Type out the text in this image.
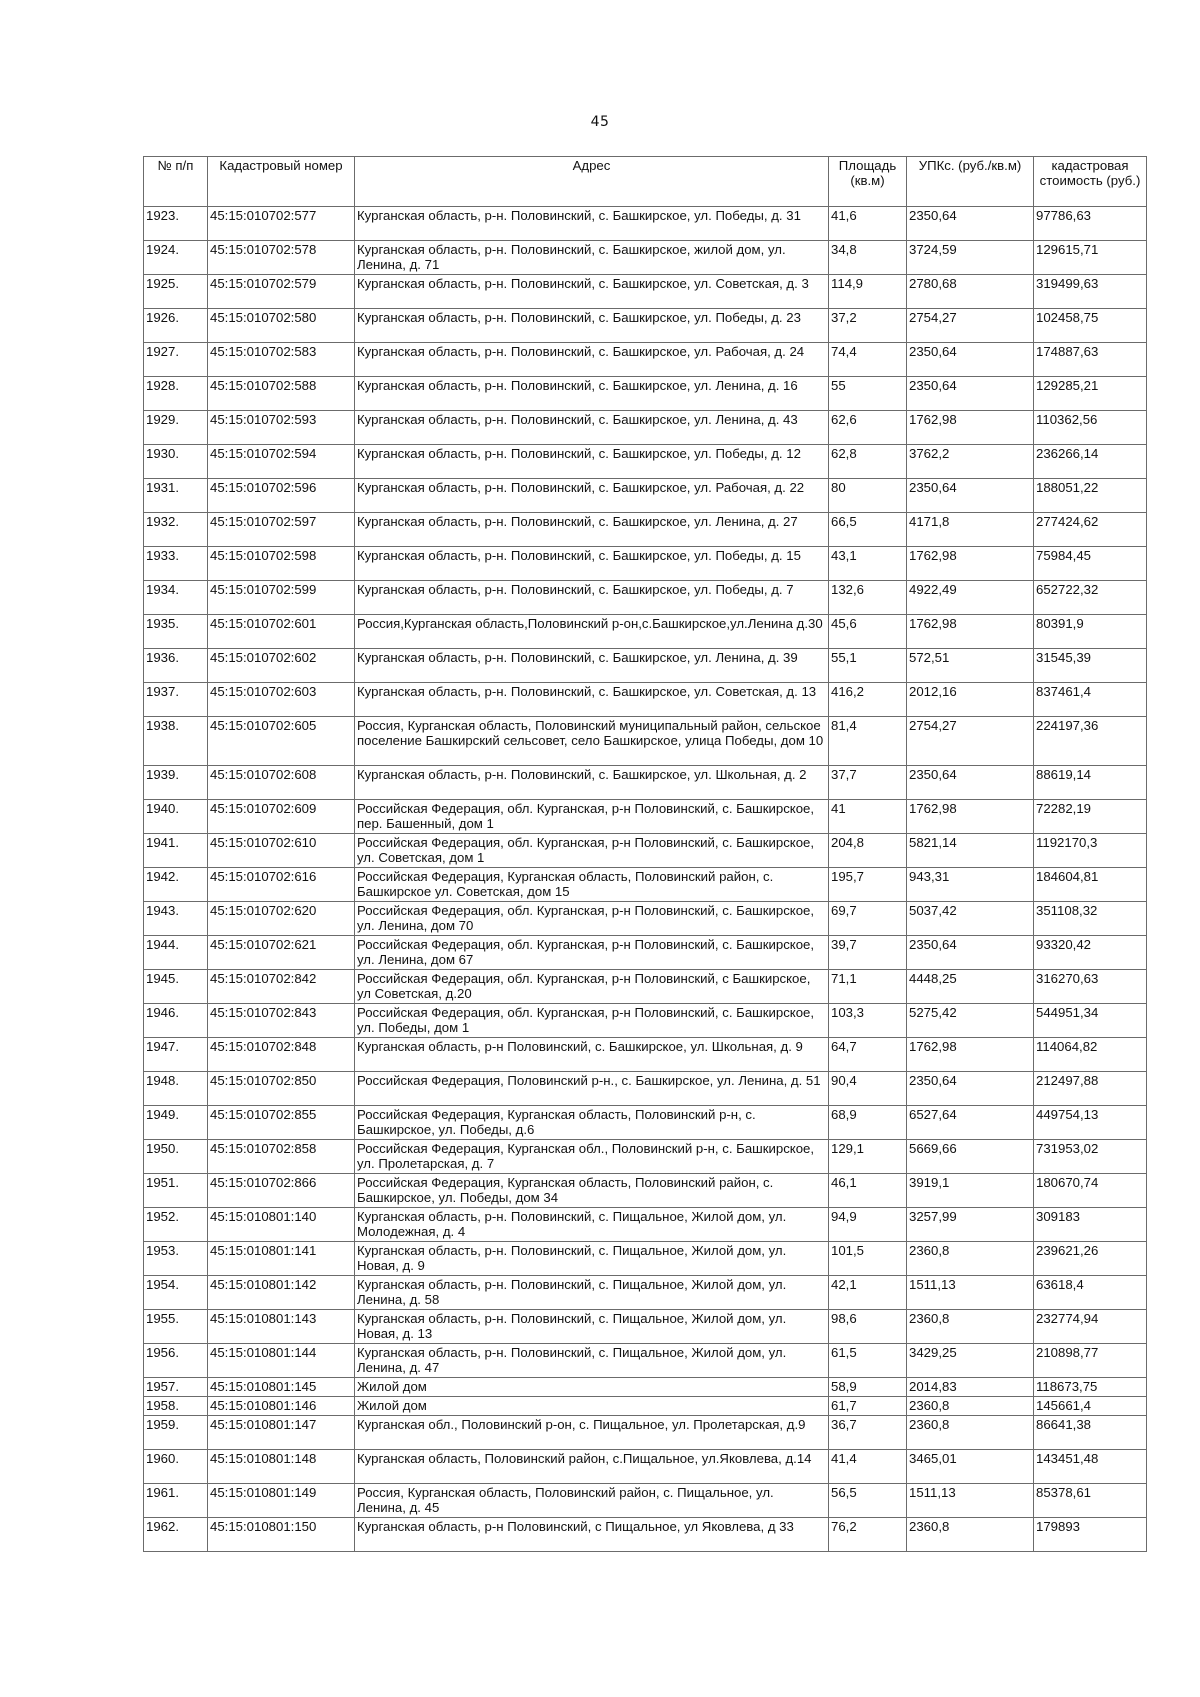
45
№ п/п	Кадастровый номер	Адрес	Площадь (кв.м)	УПКс. (руб./кв.м)	кадастровая стоимость (руб.)
1923.	45:15:010702:577	Курганская область, р-н. Половинский, с. Башкирское, ул. Победы, д. 31	41,6	2350,64	97786,63
1924.	45:15:010702:578	Курганская область, р-н. Половинский, с. Башкирское, жилой дом, ул. Ленина, д. 71	34,8	3724,59	129615,71
1925.	45:15:010702:579	Курганская область, р-н. Половинский, с. Башкирское, ул. Советская, д. 3	114,9	2780,68	319499,63
1926.	45:15:010702:580	Курганская область, р-н. Половинский, с. Башкирское, ул. Победы, д. 23	37,2	2754,27	102458,75
1927.	45:15:010702:583	Курганская область, р-н. Половинский, с. Башкирское, ул. Рабочая, д. 24	74,4	2350,64	174887,63
1928.	45:15:010702:588	Курганская область, р-н. Половинский, с. Башкирское, ул. Ленина, д. 16	55	2350,64	129285,21
1929.	45:15:010702:593	Курганская область, р-н. Половинский, с. Башкирское, ул. Ленина, д. 43	62,6	1762,98	110362,56
1930.	45:15:010702:594	Курганская область, р-н. Половинский, с. Башкирское, ул. Победы, д. 12	62,8	3762,2	236266,14
1931.	45:15:010702:596	Курганская область, р-н. Половинский, с. Башкирское, ул. Рабочая, д. 22	80	2350,64	188051,22
1932.	45:15:010702:597	Курганская область, р-н. Половинский, с. Башкирское, ул. Ленина, д. 27	66,5	4171,8	277424,62
1933.	45:15:010702:598	Курганская область, р-н. Половинский, с. Башкирское, ул. Победы, д. 15	43,1	1762,98	75984,45
1934.	45:15:010702:599	Курганская область, р-н. Половинский, с. Башкирское, ул. Победы, д. 7	132,6	4922,49	652722,32
1935.	45:15:010702:601	Россия,Курганская область,Половинский р-он,с.Башкирское,ул.Ленина д.30	45,6	1762,98	80391,9
1936.	45:15:010702:602	Курганская область, р-н. Половинский, с. Башкирское, ул. Ленина, д. 39	55,1	572,51	31545,39
1937.	45:15:010702:603	Курганская область, р-н. Половинский, с. Башкирское, ул. Советская, д. 13	416,2	2012,16	837461,4
1938.	45:15:010702:605	Россия, Курганская область, Половинский муниципальный район, сельское поселение Башкирский сельсовет, село Башкирское, улица Победы, дом 10	81,4	2754,27	224197,36
1939.	45:15:010702:608	Курганская область, р-н. Половинский, с. Башкирское, ул. Школьная, д. 2	37,7	2350,64	88619,14
1940.	45:15:010702:609	Российская Федерация, обл. Курганская, р-н Половинский, с. Башкирское, пер. Башенный, дом 1	41	1762,98	72282,19
1941.	45:15:010702:610	Российская Федерация, обл. Курганская, р-н Половинский, с. Башкирское, ул. Советская, дом 1	204,8	5821,14	1192170,3
1942.	45:15:010702:616	Российская Федерация, Курганская область, Половинский район, с. Башкирское ул. Советская, дом 15	195,7	943,31	184604,81
1943.	45:15:010702:620	Российская Федерация, обл. Курганская, р-н Половинский, с. Башкирское, ул. Ленина, дом 70	69,7	5037,42	351108,32
1944.	45:15:010702:621	Российская Федерация, обл. Курганская, р-н Половинский, с. Башкирское, ул. Ленина, дом 67	39,7	2350,64	93320,42
1945.	45:15:010702:842	Российская Федерация, обл. Курганская, р-н Половинский, с Башкирское, ул Советская, д.20	71,1	4448,25	316270,63
1946.	45:15:010702:843	Российская Федерация, обл. Курганская, р-н Половинский, с. Башкирское, ул. Победы, дом 1	103,3	5275,42	544951,34
1947.	45:15:010702:848	Курганская область, р-н Половинский, с. Башкирское, ул. Школьная, д. 9	64,7	1762,98	114064,82
1948.	45:15:010702:850	Российская Федерация, Половинский р-н., с. Башкирское, ул. Ленина, д. 51	90,4	2350,64	212497,88
1949.	45:15:010702:855	Российская Федерация, Курганская область, Половинский р-н, с. Башкирское, ул. Победы, д.6	68,9	6527,64	449754,13
1950.	45:15:010702:858	Российская Федерация, Курганская обл., Половинский р-н, с. Башкирское, ул. Пролетарская, д. 7	129,1	5669,66	731953,02
1951.	45:15:010702:866	Российская Федерация, Курганская область, Половинский район, с. Башкирское, ул. Победы, дом 34	46,1	3919,1	180670,74
1952.	45:15:010801:140	Курганская область, р-н. Половинский, с. Пищальное, Жилой дом, ул. Молодежная, д. 4	94,9	3257,99	309183
1953.	45:15:010801:141	Курганская область, р-н. Половинский, с. Пищальное, Жилой дом, ул. Новая, д. 9	101,5	2360,8	239621,26
1954.	45:15:010801:142	Курганская область, р-н. Половинский, с. Пищальное, Жилой дом, ул. Ленина, д. 58	42,1	1511,13	63618,4
1955.	45:15:010801:143	Курганская область, р-н. Половинский, с. Пищальное, Жилой дом, ул. Новая, д. 13	98,6	2360,8	232774,94
1956.	45:15:010801:144	Курганская область, р-н. Половинский, с. Пищальное, Жилой дом, ул. Ленина, д. 47	61,5	3429,25	210898,77
1957.	45:15:010801:145	Жилой дом	58,9	2014,83	118673,75
1958.	45:15:010801:146	Жилой дом	61,7	2360,8	145661,4
1959.	45:15:010801:147	Курганская обл., Половинский р-он, с. Пищальное, ул. Пролетарская, д.9	36,7	2360,8	86641,38
1960.	45:15:010801:148	Курганская область, Половинский район, с.Пищальное, ул.Яковлева, д.14	41,4	3465,01	143451,48
1961.	45:15:010801:149	Россия, Курганская область, Половинский район, с. Пищальное, ул. Ленина, д. 45	56,5	1511,13	85378,61
1962.	45:15:010801:150	Курганская область, р-н Половинский, с Пищальное, ул Яковлева, д 33	76,2	2360,8	179893
